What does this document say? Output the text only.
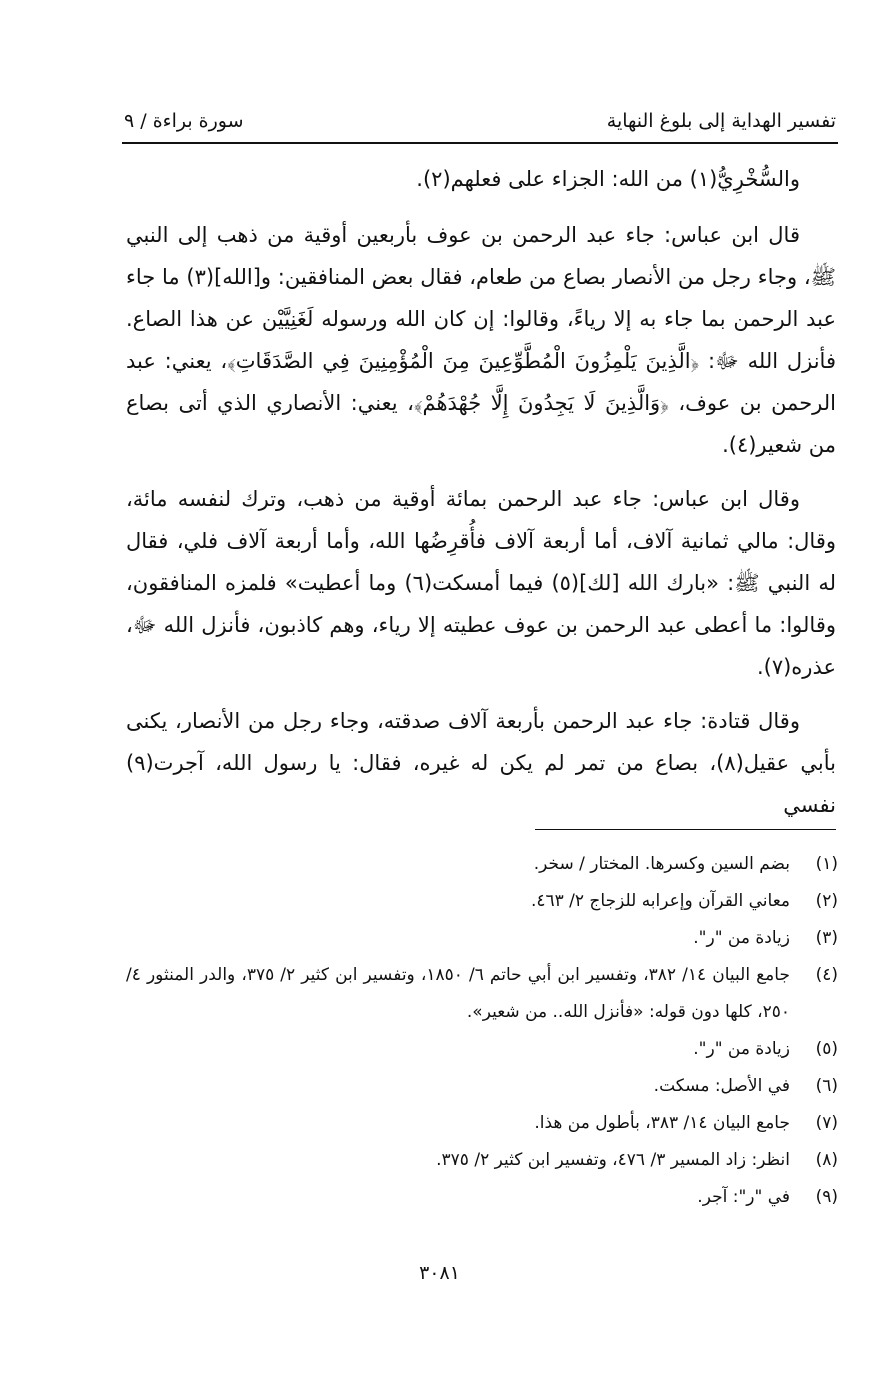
تفسير الهداية إلى بلوغ النهاية
سورة براءة / ٩

والسُّخْرِيُّ(١) من الله: الجزاء على فعلهم(٢).

قال ابن عباس: جاء عبد الرحمن بن عوف بأربعين أوقية من ذهب إلى النبي ﷺ، وجاء رجل من الأنصار بصاع من طعام، فقال بعض المنافقين: و[الله](٣) ما جاء عبد الرحمن بما جاء به إلا رياءً، وقالوا: إن كان الله ورسوله لَغَنِيَّيْن عن هذا الصاع. فأنزل الله ﷻ: ﴿الَّذِينَ يَلْمِزُونَ الْمُطَّوِّعِينَ مِنَ الْمُؤْمِنِينَ فِي الصَّدَقَاتِ﴾، يعني: عبد الرحمن بن عوف، ﴿وَالَّذِينَ لَا يَجِدُونَ إِلَّا جُهْدَهُمْ﴾، يعني: الأنصاري الذي أتى بصاع من شعير(٤).

وقال ابن عباس: جاء عبد الرحمن بمائة أوقية من ذهب، وترك لنفسه مائة، وقال: مالي ثمانية آلاف، أما أربعة آلاف فأُقرِضُها الله، وأما أربعة آلاف فلي، فقال له النبي ﷺ: «بارك الله [لك](٥) فيما أمسكت(٦) وما أعطيت» فلمزه المنافقون، وقالوا: ما أعطى عبد الرحمن بن عوف عطيته إلا رياء، وهم كاذبون، فأنزل الله ﷻ، عذره(٧).

وقال قتادة: جاء عبد الرحمن بأربعة آلاف صدقته، وجاء رجل من الأنصار، يكنى بأبي عقيل(٨)، بصاع من تمر لم يكن له غيره، فقال: يا رسول الله، آجرت(٩) نفسي

(١)
بضم السين وكسرها. المختار / سخر.
(٢)
معاني القرآن وإعرابه للزجاج ٢/ ٤٦٣.
(٣)
زيادة من "ر".
(٤)
جامع البيان ١٤/ ٣٨٢، وتفسير ابن أبي حاتم ٦/ ١٨٥٠، وتفسير ابن كثير ٢/ ٣٧٥، والدر المنثور ٤/ ٢٥٠، كلها دون قوله: «فأنزل الله.. من شعير».
(٥)
زيادة من "ر".
(٦)
في الأصل: مسكت.
(٧)
جامع البيان ١٤/ ٣٨٣، بأطول من هذا.
(٨)
انظر: زاد المسير ٣/ ٤٧٦، وتفسير ابن كثير ٢/ ٣٧٥.
(٩)
في "ر": آجر.
٣٠٨١
